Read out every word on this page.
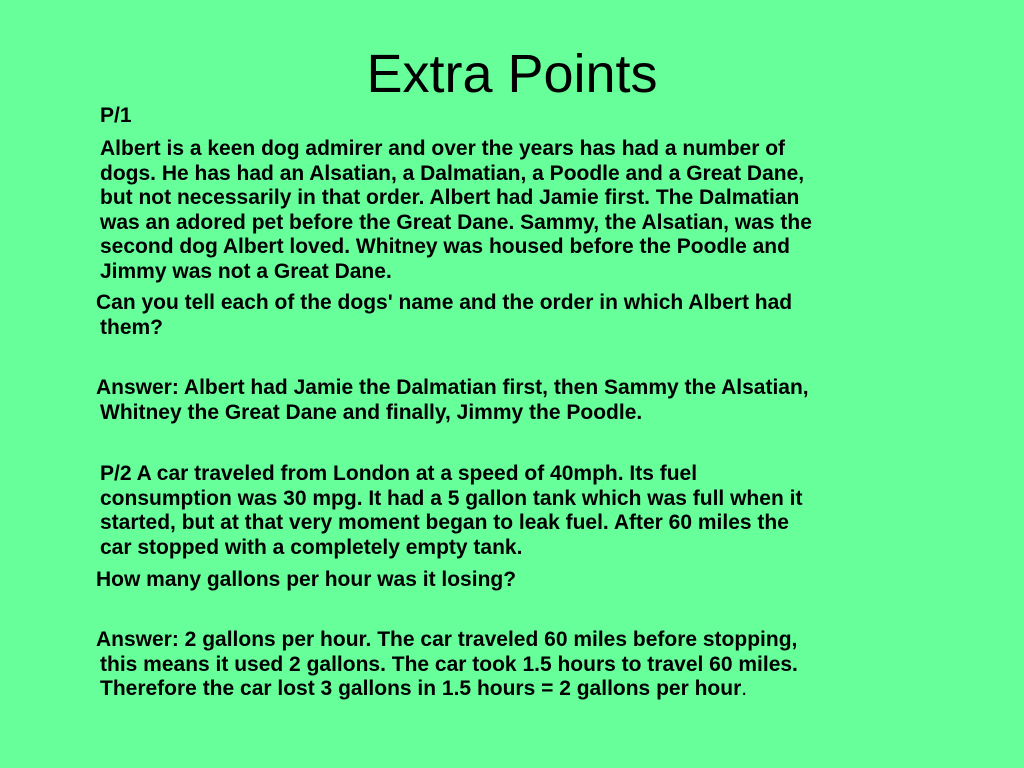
Extra Points

P/1

Albert is a keen dog admirer and over the years has had a number of
dogs. He has had an Alsatian, a Dalmatian, a Poodle and a Great Dane,
but not necessarily in that order. Albert had Jamie first. The Dalmatian
was an adored pet before the Great Dane. Sammy, the Alsatian, was the
second dog Albert loved. Whitney was housed before the Poodle and
Jimmy was not a Great Dane.

Can you tell each of the dogs' name and the order in which Albert had
them?

Answer: Albert had Jamie the Dalmatian first, then Sammy the Alsatian,
Whitney the Great Dane and finally, Jimmy the Poodle.

P/2 A car traveled from London at a speed of 40mph. Its fuel
consumption was 30 mpg. It had a 5 gallon tank which was full when it
started, but at that very moment began to leak fuel. After 60 miles the
car stopped with a completely empty tank.

How many gallons per hour was it losing?

Answer: 2 gallons per hour. The car traveled 60 miles before stopping,
this means it used 2 gallons. The car took 1.5 hours to travel 60 miles.
Therefore the car lost 3 gallons in 1.5 hours = 2 gallons per hour.
